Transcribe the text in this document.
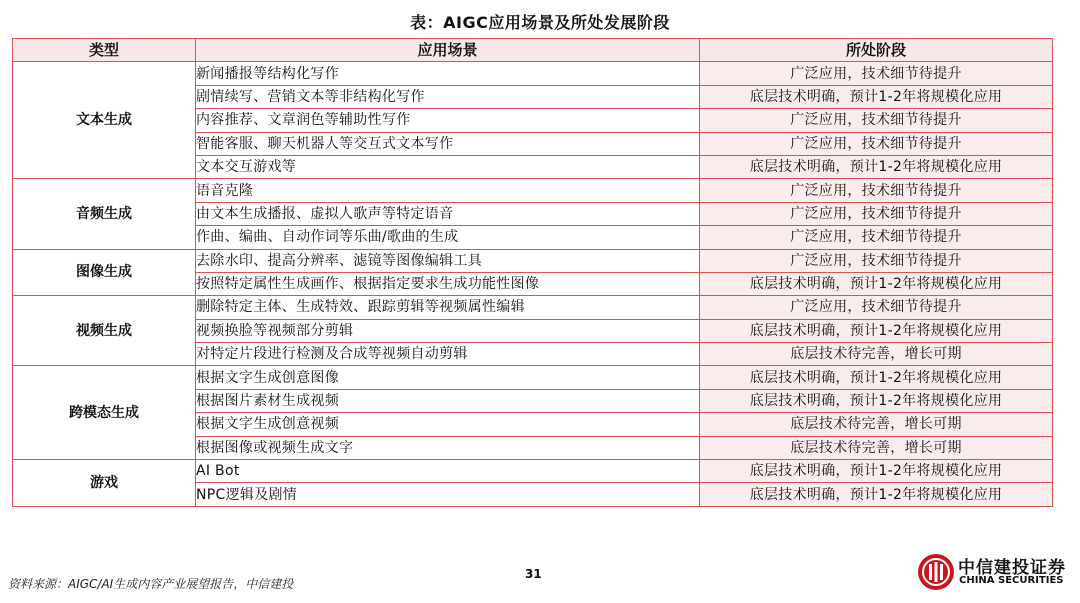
表：AIGC应用场景及所处发展阶段
类型	应用场景	所处阶段
文本生成	新闻播报等结构化写作	广泛应用，技术细节待提升
	剧情续写、营销文本等非结构化写作	底层技术明确，预计1-2年将规模化应用
	内容推荐、文章润色等辅助性写作	广泛应用，技术细节待提升
	智能客服、聊天机器人等交互式文本写作	广泛应用，技术细节待提升
	文本交互游戏等	底层技术明确，预计1-2年将规模化应用
音频生成	语音克隆	广泛应用，技术细节待提升
	由文本生成播报、虚拟人歌声等特定语音	广泛应用，技术细节待提升
	作曲、编曲、自动作词等乐曲/歌曲的生成	广泛应用，技术细节待提升
图像生成	去除水印、提高分辨率、滤镜等图像编辑工具	广泛应用，技术细节待提升
	按照特定属性生成画作、根据指定要求生成功能性图像	底层技术明确，预计1-2年将规模化应用
视频生成	删除特定主体、生成特效、跟踪剪辑等视频属性编辑	广泛应用，技术细节待提升
	视频换脸等视频部分剪辑	底层技术明确，预计1-2年将规模化应用
	对特定片段进行检测及合成等视频自动剪辑	底层技术待完善，增长可期
跨模态生成	根据文字生成创意图像	底层技术明确，预计1-2年将规模化应用
	根据图片素材生成视频	底层技术明确，预计1-2年将规模化应用
	根据文字生成创意视频	底层技术待完善，增长可期
	根据图像或视频生成文字	底层技术待完善，增长可期
游戏	AI Bot	底层技术明确，预计1-2年将规模化应用
	NPC逻辑及剧情	底层技术明确，预计1-2年将规模化应用
资料来源：AIGC/AI生成内容产业展望报告，中信建投
31	中信建投证券
CHINA SECURITIES
